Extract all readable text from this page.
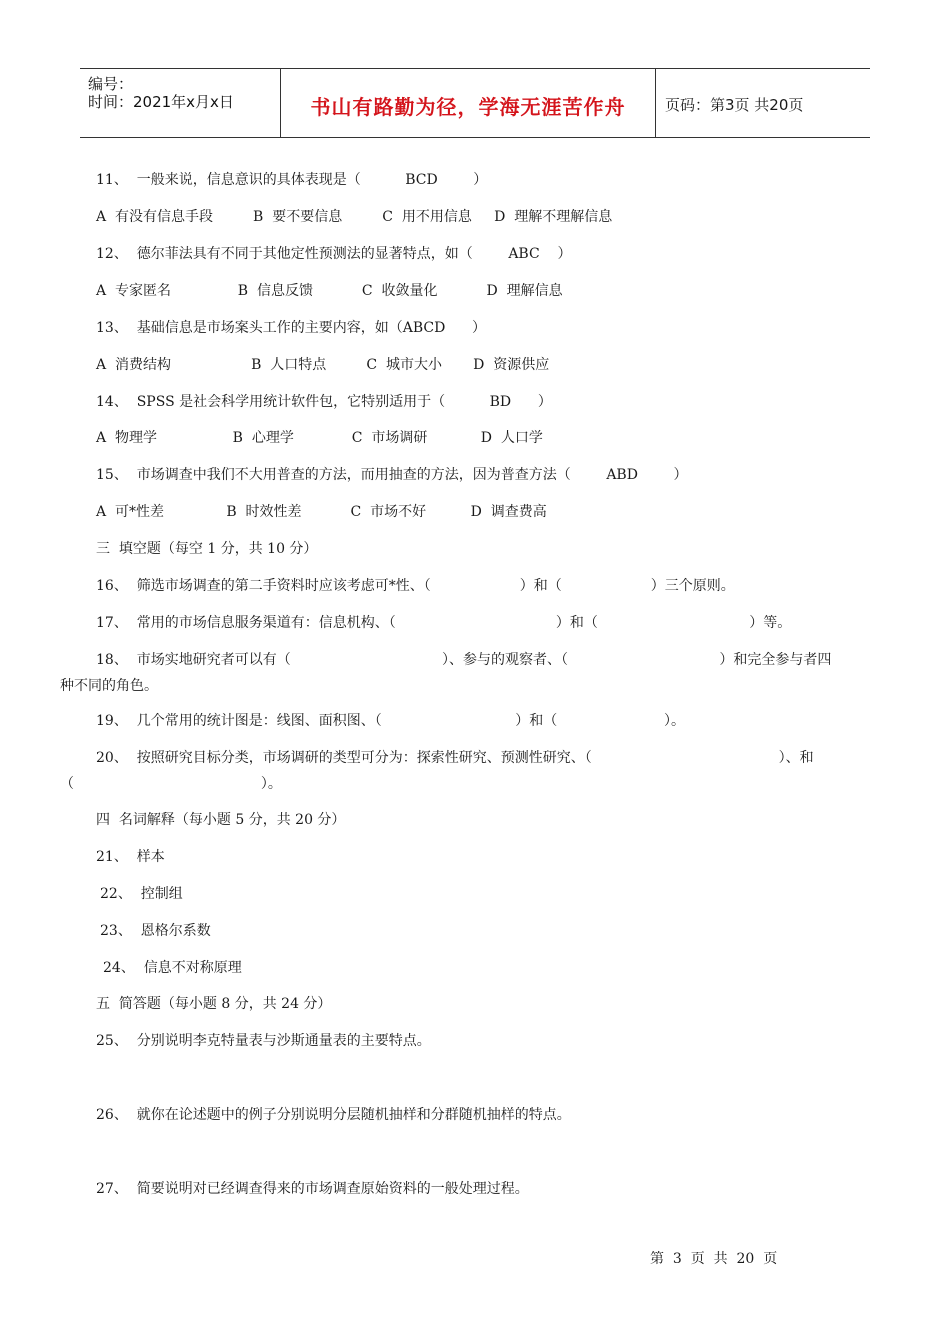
编号：
时间：2021年x月x日	书山有路勤为径，学海无涯苦作舟	页码：第3页 共20页
11、  一般来说，信息意识的具体表现是（          BCD        ）
A  有没有信息手段         B  要不要信息         C  用不用信息     D  理解不理解信息
12、  德尔菲法具有不同于其他定性预测法的显著特点，如（        ABC    ）
A  专家匿名               B  信息反馈           C  收敛量化           D  理解信息
13、  基础信息是市场案头工作的主要内容，如（ABCD      ）
A  消费结构                  B  人口特点         C  城市大小       D  资源供应
14、  SPSS 是社会科学用统计软件包，它特别适用于（          BD      ）
A  物理学                 B  心理学             C  市场调研            D  人口学
15、  市场调查中我们不大用普查的方法，而用抽查的方法，因为普查方法（        ABD        ）
A  可*性差              B  时效性差           C  市场不好          D  调查费高
三  填空题（每空 1 分，共 10 分）
16、  筛选市场调查的第二手资料时应该考虑可*性、（                    ）和（                    ）三个原则。
17、  常用的市场信息服务渠道有：信息机构、（                                    ）和（                                  ）等。
18、  市场实地研究者可以有（                                  ）、参与的观察者、（                                  ）和完全参与者四
种不同的角色。
19、  几个常用的统计图是：线图、面积图、（                              ）和（                        ）。
20、  按照研究目标分类，市场调研的类型可分为：探索性研究、预测性研究、（                                          ）、和
（                                          ）。
四  名词解释（每小题 5 分，共 20 分）
21、  样本
22、  控制组
23、  恩格尔系数
24、  信息不对称原理
五  简答题（每小题 8 分，共 24 分）
25、  分别说明李克特量表与沙斯通量表的主要特点。
26、  就你在论述题中的例子分别说明分层随机抽样和分群随机抽样的特点。
27、  简要说明对已经调查得来的市场调查原始资料的一般处理过程。
第  3  页  共  20  页
